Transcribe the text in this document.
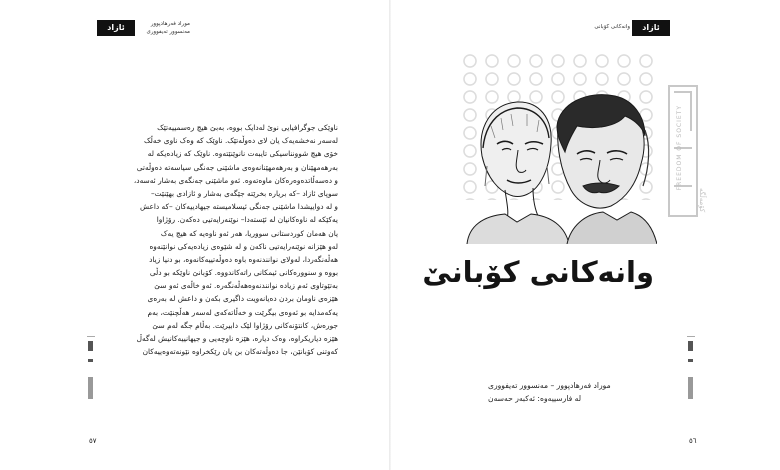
ئازاد	موراد فەرهادپوور
مەنسوور تەیفووری
ناوێکی جوگرافیایی نوێ لەدایک بووە، بەبێ هیچ رەسمییەتێک
لەسەر نەخشەیەک یان لای دەوڵەتێک. ناوێک کە وەک ناوی خەڵک
خۆی هیچ شوونناسیکی تایبەت نانوێنێتەوە. ناوێک کە زیادەیکە لە
بەرهەمهێنان و بەرهەمهێنانەوەی ماشێنی جەنگی سیاسەتە دەوڵەتی
و دەسەڵاتدەوەرەکان ماوەتەوە. ئەو ماشێنی جەنگەی بەشار ئەسەد،
سوپای ئازاد –کە بریارە بخرێتە جێگەی بەشار و ئازادی بهێنێت–
و لە دواییشدا ماشێنی جەنگی ئیسلامیستە جیهادییەکان –کە داعش
یەکێکە لە ناوەکانیان لە ئێستەدا– نوێنەرایەتیی دەکەن. رۆژاوا
یان هەمان کوردستانی سووریا، هەر ئەو ناوەیە کە هیچ یەک
لەو هێزانە نوێنەرایەتیی ناکەن و لە شێوەی زیادەیەکی نوانێنەوە
هەڵەنگەردا، لەولای نوانندنەوە باوە دەوڵەتییەکانەوە، بو دنیا زیاد
بووە و سنوورەکانی ئیمکانی راتەکاندووە. کۆبانێ ناوێکە بو دڵی
بەتێوتاوی ئەم زیادە نوانندنەوەهەڵەنگەرە. ئەو خاڵەی ئەو سێ
هێزەی ناومان بردن دەیانەویت داگیری بکەن و داعش لە بەرەی
یەکەمدایە بو ئەوەی بیگرێت و خەڵاتەکەی لەسەر هەڵچنێت، بەم
جورەش، کانتۆنەکانی رۆژاوا لێک دابیرێت. بەڵام جگە لەم سێ
هێزە دیاریکراوە، وەک دیارە، هێزە ناوچەیی و جیهانییەکانیش لەگەڵ
کەوتنی کۆبانێن، جا دەوڵەتەکان بن یان رێکخراوە نێونەتەوەییەکان
٥٧
ئازاد
وانەکانی کۆبانی
٥٦
FREEDOM OF SOCIETY
کۆمەڵگە
وانەکانی کۆبانێ
موراد فەرهادپوور – مەنسوور تەیفووری
لە فارسییەوە: ئەکبەر حەسەن
